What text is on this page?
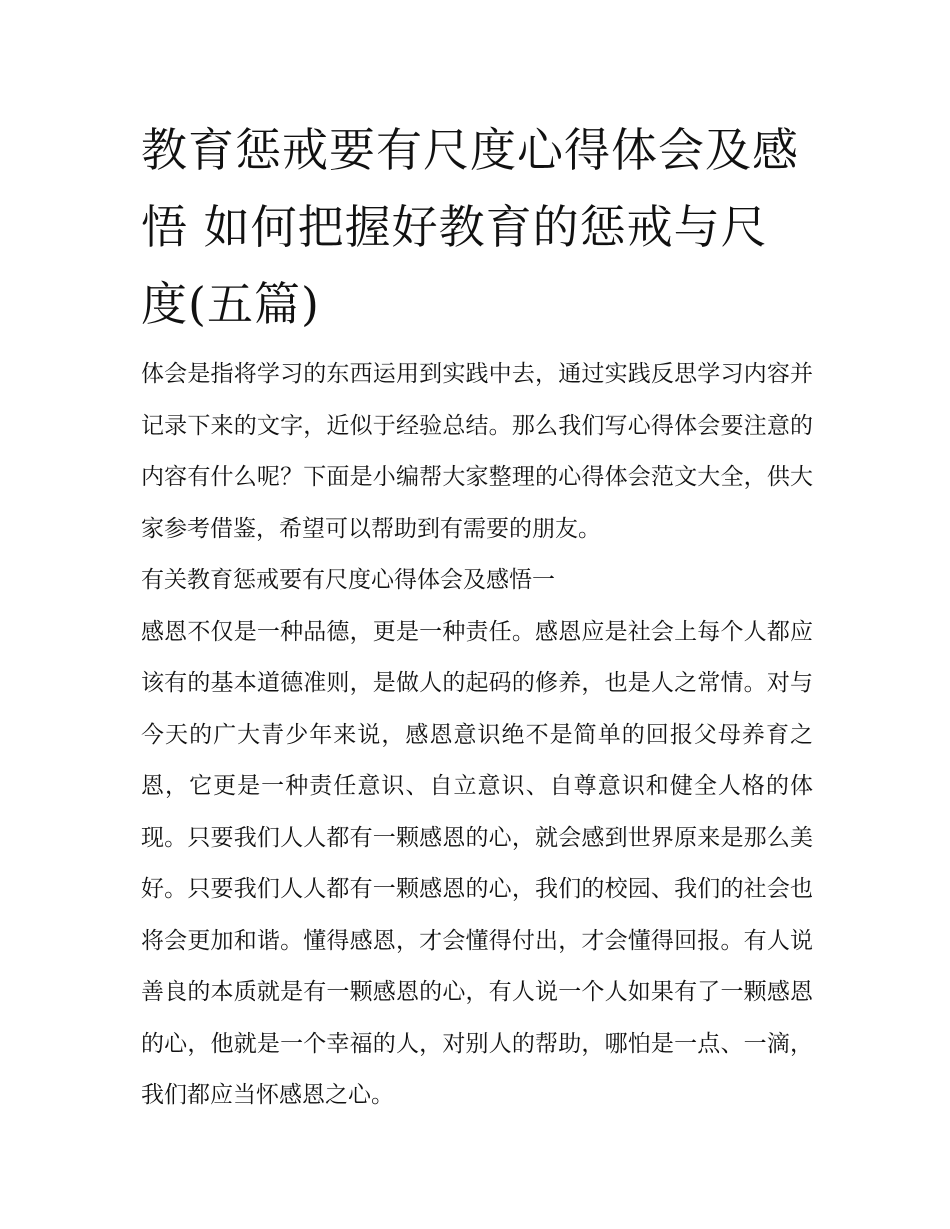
教育惩戒要有尺度心得体会及感悟 如何把握好教育的惩戒与尺度(五篇)

体会是指将学习的东西运用到实践中去，通过实践反思学习内容并记录下来的文字，近似于经验总结。那么我们写心得体会要注意的内容有什么呢？下面是小编帮大家整理的心得体会范文大全，供大家参考借鉴，希望可以帮助到有需要的朋友。

有关教育惩戒要有尺度心得体会及感悟一

感恩不仅是一种品德，更是一种责任。感恩应是社会上每个人都应该有的基本道德准则，是做人的起码的修养，也是人之常情。对与今天的广大青少年来说，感恩意识绝不是简单的回报父母养育之恩，它更是一种责任意识、自立意识、自尊意识和健全人格的体现。只要我们人人都有一颗感恩的心，就会感到世界原来是那么美好。只要我们人人都有一颗感恩的心，我们的校园、我们的社会也将会更加和谐。懂得感恩，才会懂得付出，才会懂得回报。有人说善良的本质就是有一颗感恩的心，有人说一个人如果有了一颗感恩的心，他就是一个幸福的人，对别人的帮助，哪怕是一点、一滴，我们都应当怀感恩之心。
